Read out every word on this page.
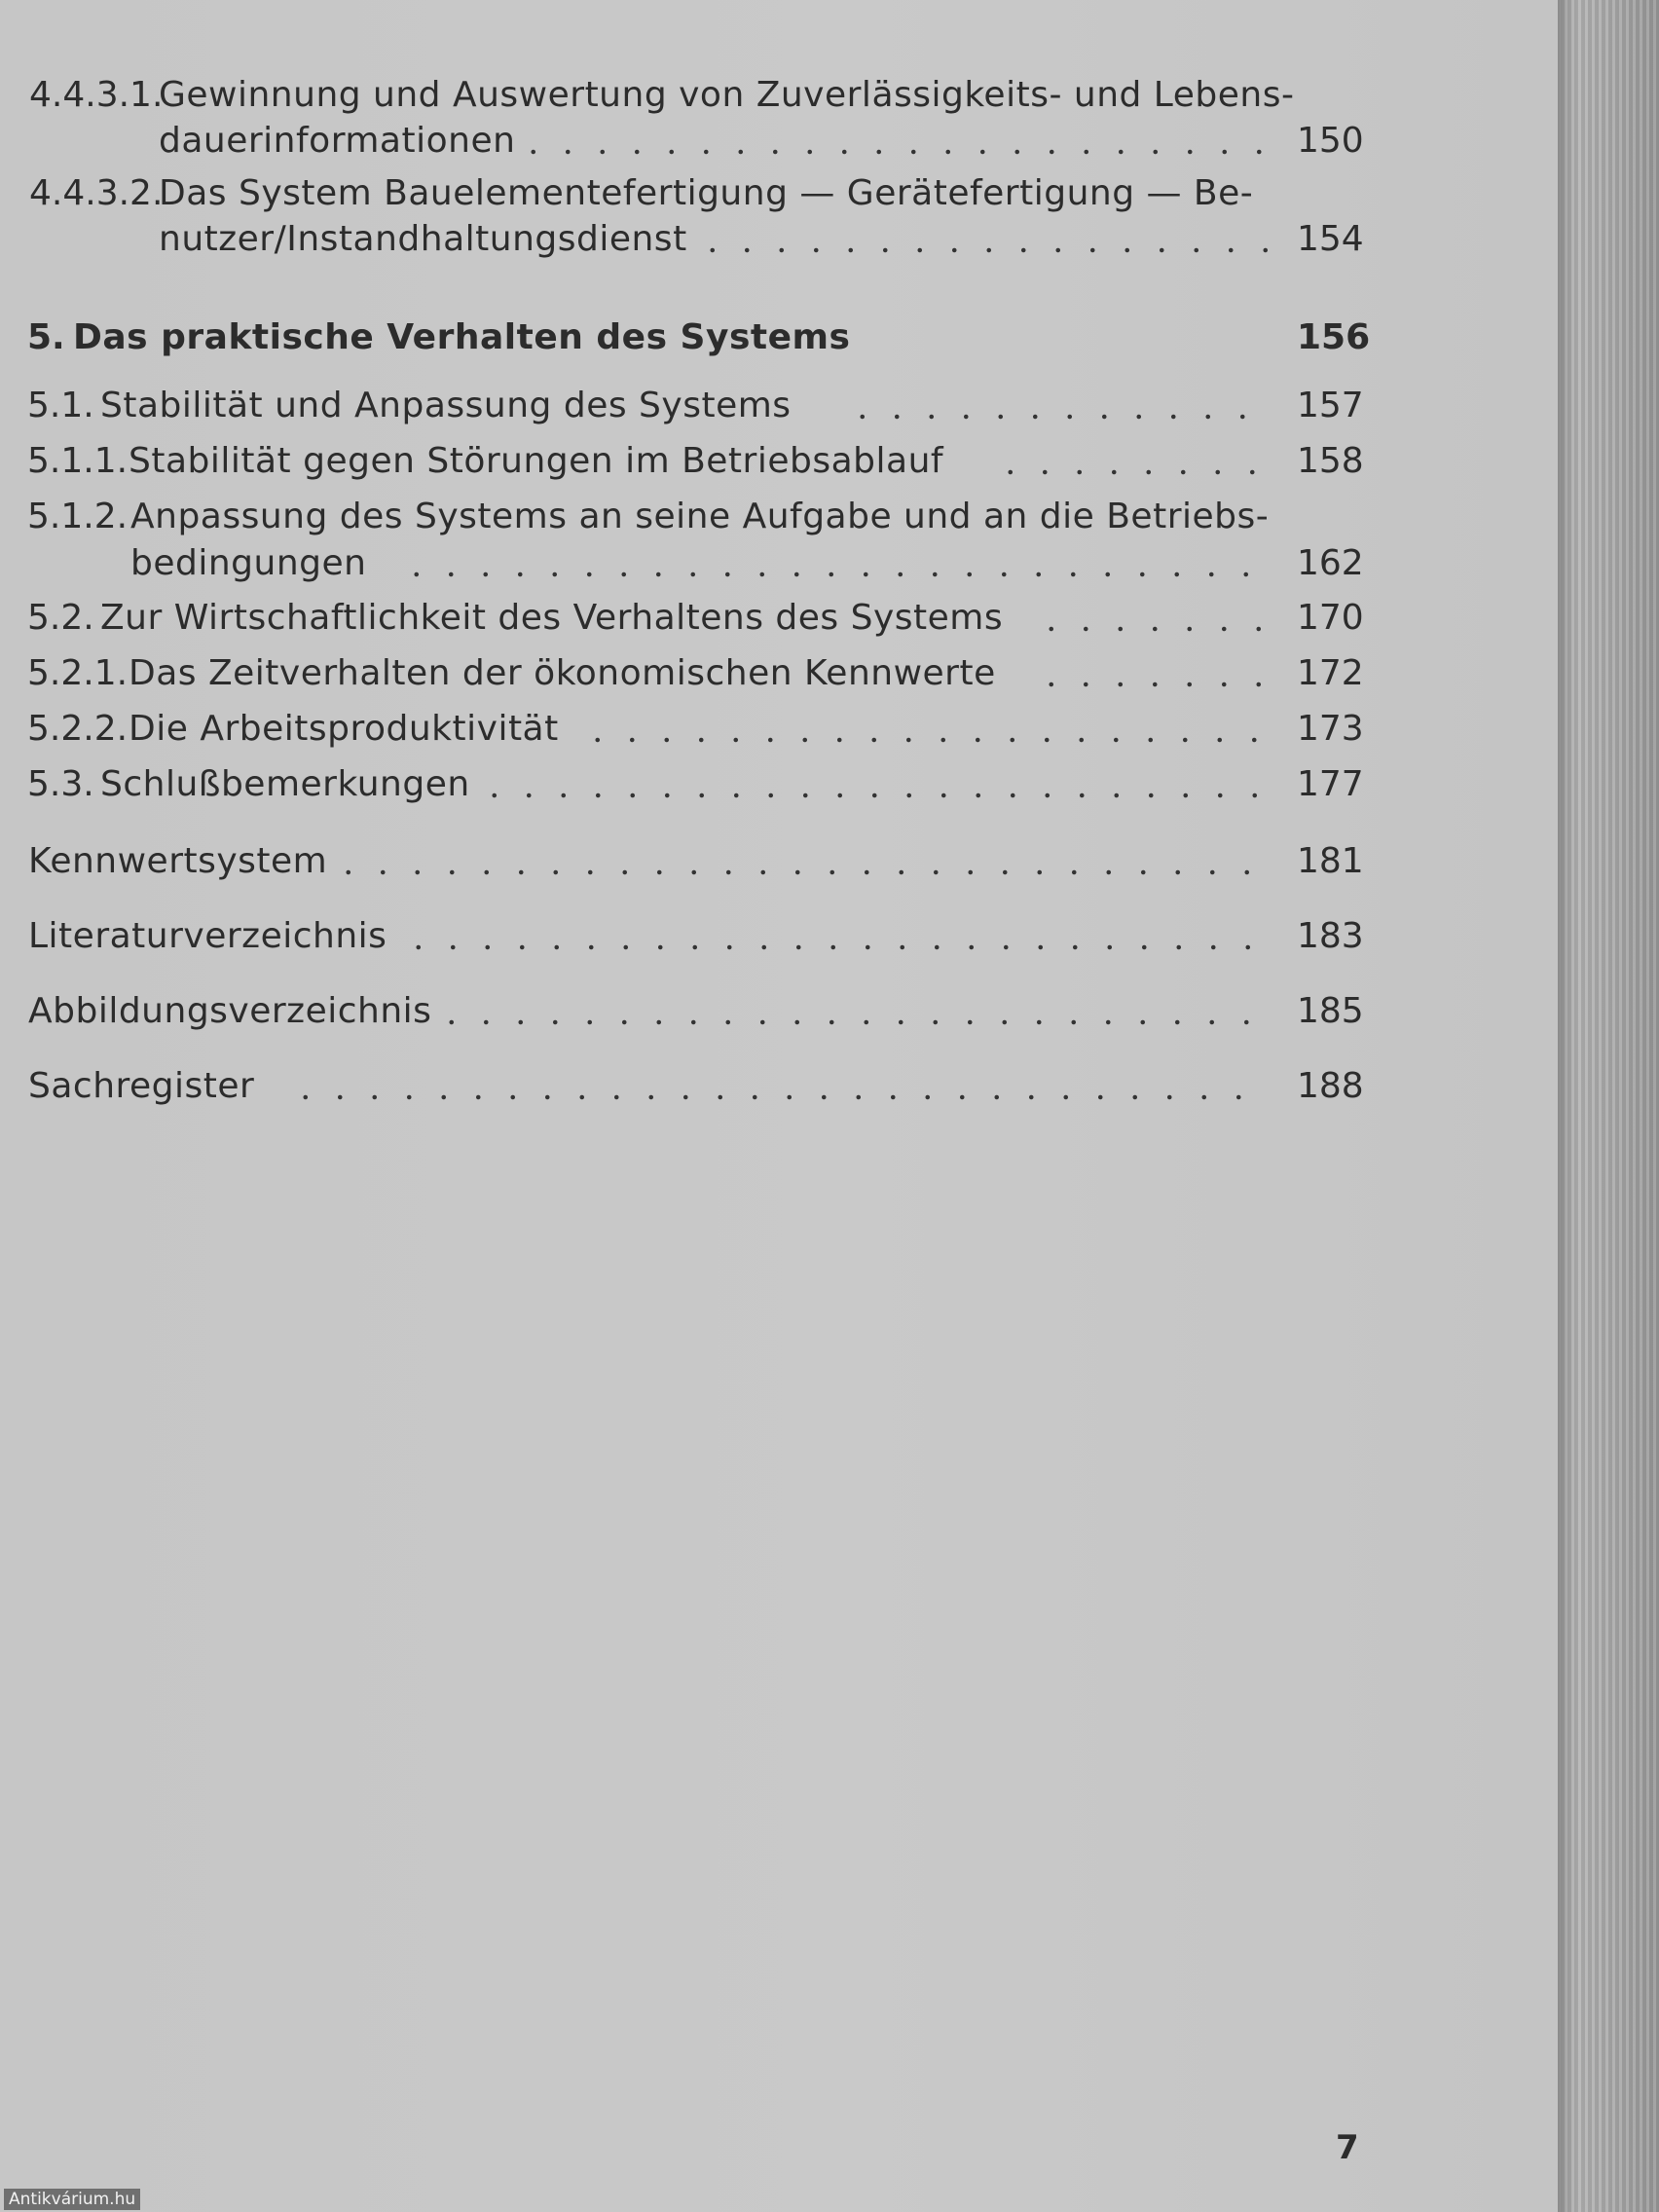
4.4.3.1.
Gewinnung und Auswertung von Zuverlässigkeits- und Lebens-
dauerinformationen	150
4.4.3.2.
Das System Bauelementefertigung — Gerätefertigung — Be-
nutzer/Instandhaltungsdienst	154
5. Das praktische Verhalten des Systems	156
5.1. Stabilität und Anpassung des Systems	157
5.1.1. Stabilität gegen Störungen im Betriebsablauf	158
5.1.2. Anpassung des Systems an seine Aufgabe und an die Betriebs-
bedingungen	162
5.2. Zur Wirtschaftlichkeit des Verhaltens des Systems	170
5.2.1. Das Zeitverhalten der ökonomischen Kennwerte	172
5.2.2. Die Arbeitsproduktivität	173
5.3. Schlußbemerkungen	177
Kennwertsystem	181
Literaturverzeichnis	183
Abbildungsverzeichnis	185
Sachregister	188
7
Antikvárium.hu
